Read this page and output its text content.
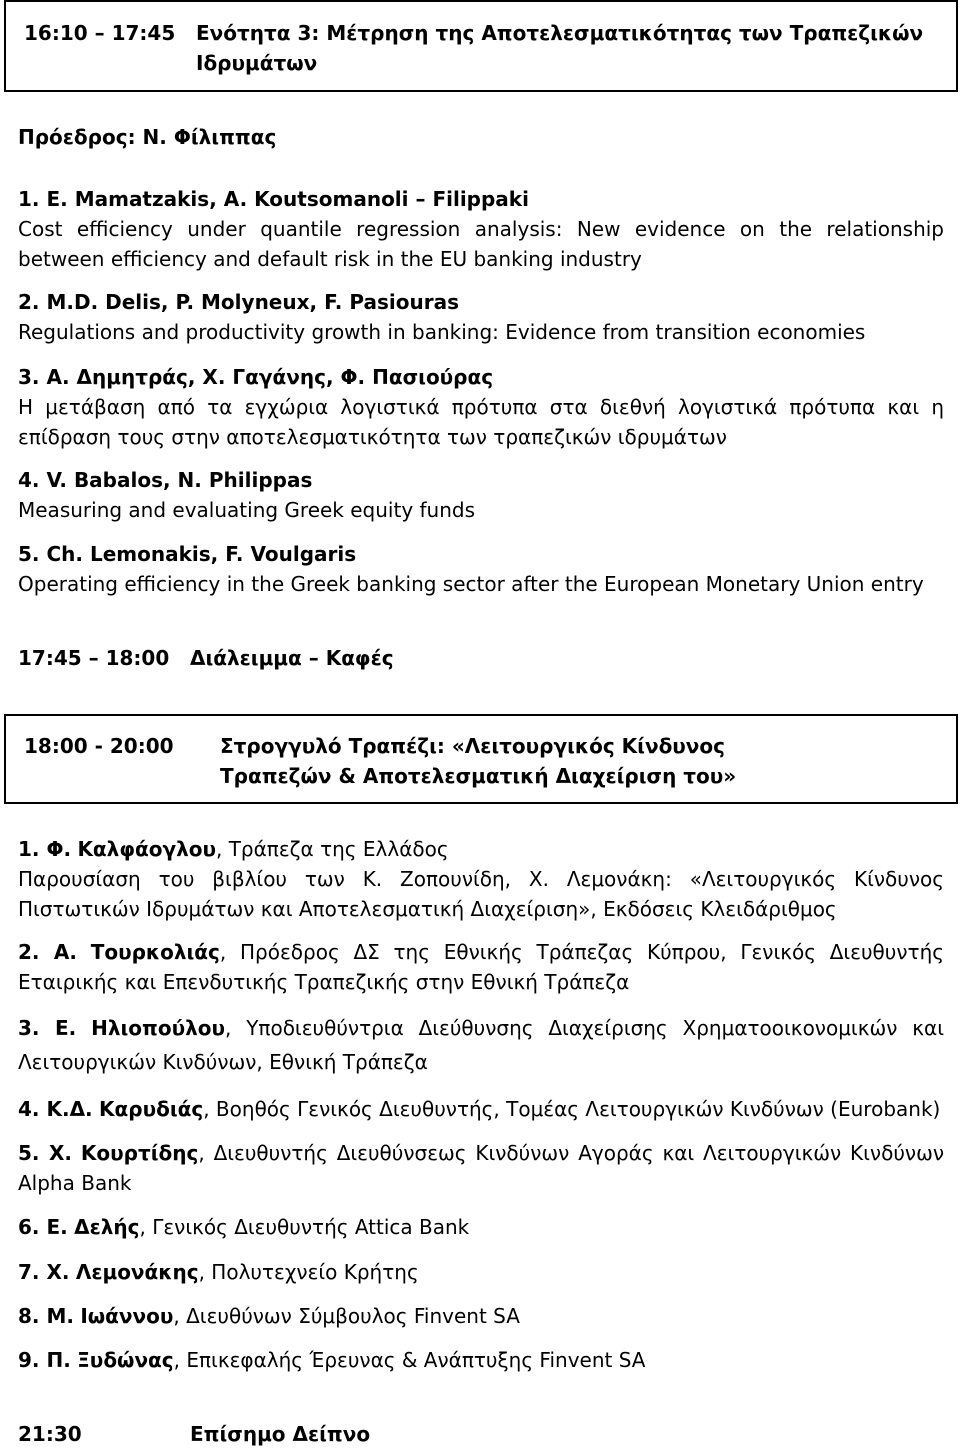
16:10 – 17:45 Ενότητα 3: Μέτρηση της Αποτελεσματικότητας των Τραπεζικών
Ιδρυμάτων
Πρόεδρος: Ν. Φίλιππας
1. E. Mamatzakis, A. Koutsomanoli – Filippaki
Cost efficiency under quantile regression analysis: New evidence on the relationship between efficiency and default risk in the EU banking industry
2. M.D. Delis, P. Molyneux, F. Pasiouras
Regulations and productivity growth in banking: Evidence from transition economies
3. Α. Δημητράς, Χ. Γαγάνης, Φ. Πασιούρας
Η μετάβαση από τα εγχώρια λογιστικά πρότυπα στα διεθνή λογιστικά πρότυπα και η επίδραση τους στην αποτελεσματικότητα των τραπεζικών ιδρυμάτων
4. V. Babalos, N. Philippas
Measuring and evaluating Greek equity funds
5. Ch. Lemonakis, F. Voulgaris
Operating efficiency in the Greek banking sector after the European Monetary Union entry
17:45 – 18:00 Διάλειμμα – Καφές
18:00 - 20:00 Στρογγυλό Τραπέζι: «Λειτουργικός Κίνδυνος
Τραπεζών & Αποτελεσματική Διαχείριση του»
1. Φ. Καλφάογλου, Τράπεζα της Ελλάδος
Παρουσίαση του βιβλίου των Κ. Ζοπουνίδη, Χ. Λεμονάκη: «Λειτουργικός Κίνδυνος Πιστωτικών Ιδρυμάτων και Αποτελεσματική Διαχείριση», Εκδόσεις Κλειδάριθμος
2. Α. Τουρκολιάς, Πρόεδρος ΔΣ της Εθνικής Τράπεζας Κύπρου, Γενικός Διευθυντής Εταιρικής και Επενδυτικής Τραπεζικής στην Εθνική Τράπεζα
3. Ε. Ηλιοπούλου, Υποδιευθύντρια Διεύθυνσης Διαχείρισης Χρηματοοικονομικών και Λειτουργικών Κινδύνων, Εθνική Τράπεζα
4. Κ.Δ. Καρυδιάς, Βοηθός Γενικός Διευθυντής, Τομέας Λειτουργικών Κινδύνων (Eurobank)
5. Χ. Κουρτίδης, Διευθυντής Διευθύνσεως Κινδύνων Αγοράς και Λειτουργικών Κινδύνων Alpha Bank
6. Ε. Δελής, Γενικός Διευθυντής Attica Bank
7. Χ. Λεμονάκης, Πολυτεχνείο Κρήτης
8. Μ. Ιωάννου, Διευθύνων Σύμβουλος Finvent SA
9. Π. Ξυδώνας, Επικεφαλής Έρευνας & Ανάπτυξης Finvent SA
21:30	Επίσημο Δείπνο
